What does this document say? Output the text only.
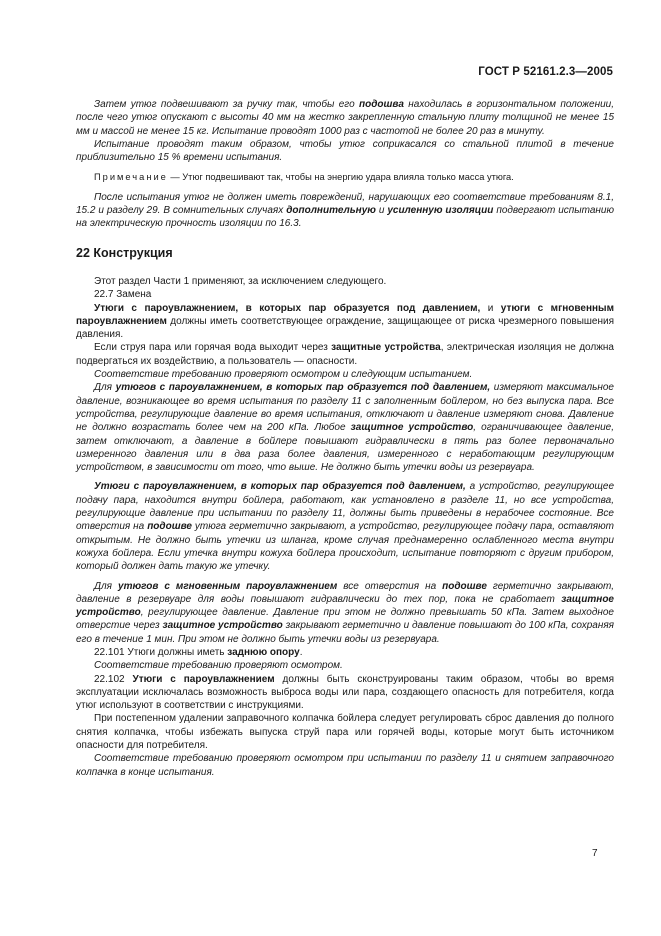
ГОСТ Р 52161.2.3—2005

Затем утюг подвешивают за ручку так, чтобы его подошва находилась в горизонтальном положении, после чего утюг опускают с высоты 40 мм на жестко закрепленную стальную плиту толщиной не менее 15 мм и массой не менее 15 кг. Испытание проводят 1000 раз с частотой не более 20 раз в минуту.

Испытание проводят таким образом, чтобы утюг соприкасался со стальной плитой в течение приблизительно 15 % времени испытания.

Примечание — Утюг подвешивают так, чтобы на энергию удара влияла только масса утюга.

После испытания утюг не должен иметь повреждений, нарушающих его соответствие требованиям 8.1, 15.2 и разделу 29. В сомнительных случаях дополнительную и усиленную изоляции подвергают испытанию на электрическую прочность изоляции по 16.3.

22 Конструкция

Этот раздел Части 1 применяют, за исключением следующего.

22.7 Замена

Утюги с пароувлажнением, в которых пар образуется под давлением, и утюги с мгновенным пароувлажнением должны иметь соответствующее ограждение, защищающее от риска чрезмерного повышения давления.

Если струя пара или горячая вода выходит через защитные устройства, электрическая изоляция не должна подвергаться их воздействию, а пользователь — опасности.

Соответствие требованию проверяют осмотром и следующим испытанием.

Для утюгов с пароувлажнением, в которых пар образуется под давлением, измеряют максимальное давление, возникающее во время испытания по разделу 11 с заполненным бойлером, но без выпуска пара. Все устройства, регулирующие давление во время испытания, отключают и давление измеряют снова. Давление не должно возрастать более чем на 200 кПа. Любое защитное устройство, ограничивающее давление, затем отключают, а давление в бойлере повышают гидравлически в пять раз более первоначально измеренного давления или в два раза более давления, измеренного с неработающим регулирующим устройством, в зависимости от того, что выше. Не должно быть утечки воды из резервуара.

Утюги с пароувлажнением, в которых пар образуется под давлением, а устройство, регулирующее подачу пара, находится внутри бойлера, работают, как установлено в разделе 11, но все устройства, регулирующие давление при испытании по разделу 11, должны быть приведены в нерабочее состояние. Все отверстия на подошве утюга герметично закрывают, а устройство, регулирующее подачу пара, оставляют открытым. Не должно быть утечки из шланга, кроме случая преднамеренно ослабленного места внутри кожуха бойлера. Если утечка внутри кожуха бойлера происходит, испытание повторяют с другим прибором, который должен дать такую же утечку.

Для утюгов с мгновенным пароувлажнением все отверстия на подошве герметично закрывают, давление в резервуаре для воды повышают гидравлически до тех пор, пока не сработает защитное устройство, регулирующее давление. Давление при этом не должно превышать 50 кПа. Затем выходное отверстие через защитное устройство закрывают герметично и давление повышают до 100 кПа, сохраняя его в течение 1 мин. При этом не должно быть утечки воды из резервуара.

22.101 Утюги должны иметь заднюю опору.

Соответствие требованию проверяют осмотром.

22.102 Утюги с пароувлажнением должны быть сконструированы таким образом, чтобы во время эксплуатации исключалась возможность выброса воды или пара, создающего опасность для потребителя, когда утюг используют в соответствии с инструкциями.

При постепенном удалении заправочного колпачка бойлера следует регулировать сброс давления до полного снятия колпачка, чтобы избежать выпуска струй пара или горячей воды, которые могут быть источником опасности для потребителя.

Соответствие требованию проверяют осмотром при испытании по разделу 11 и снятием заправочного колпачка в конце испытания.

7
